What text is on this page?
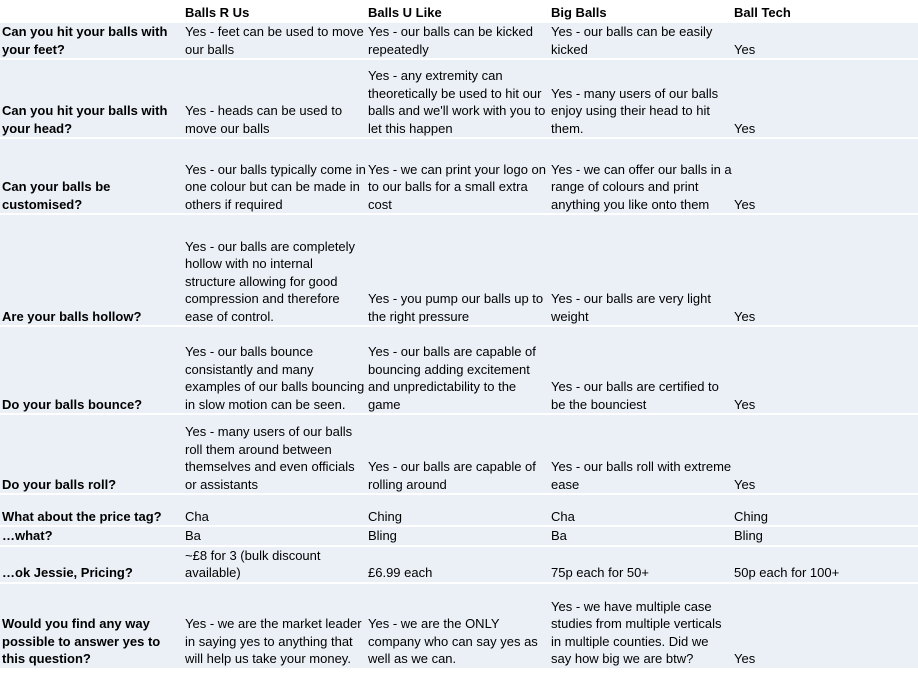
	Balls R Us	Balls U Like	Big Balls	Ball Tech
Can you hit your balls with your feet?	Yes - feet can be used to move our balls	Yes - our balls can be kicked repeatedly	Yes - our balls can be easily kicked	Yes
Can you hit your balls with your head?	Yes - heads can be used to move our balls	Yes - any extremity can theoretically be used to hit our balls and we'll work with you to let this happen	Yes - many users of our balls enjoy using their head to hit them.	Yes
Can your balls be customised?	Yes - our balls typically come in one colour but can be made in others if required	Yes - we can print your logo on to our balls for a small extra cost	Yes - we can offer our balls in a range of colours and print anything you like onto them	Yes
Are your balls hollow?	Yes - our balls are completely hollow with no internal structure allowing for good compression and therefore ease of control.	Yes - you pump our balls up to the right pressure	Yes - our balls are very light weight	Yes
Do your balls bounce?	Yes - our balls bounce consistantly and many examples of our balls bouncing in slow motion can be seen.	Yes - our balls are capable of bouncing adding excitement and unpredictability to the game	Yes - our balls are certified to be the bounciest	Yes
Do your balls roll?	Yes - many users of our balls roll them around between themselves and even officials or assistants	Yes - our balls are capable of rolling around	Yes - our balls roll with extreme ease	Yes
What about the price tag?	Cha	Ching	Cha	Ching
…what?	Ba	Bling	Ba	Bling
…ok Jessie, Pricing?	~£8 for 3 (bulk discount available)	£6.99 each	75p each for 50+	50p each for 100+
Would you find any way possible to answer yes to this question?	Yes - we are the market leader in saying yes to anything that will help us take your money.	Yes - we are the ONLY company who can say yes as well as we can.	Yes - we have multiple case studies from multiple verticals in multiple counties. Did we say how big we are btw?	Yes
